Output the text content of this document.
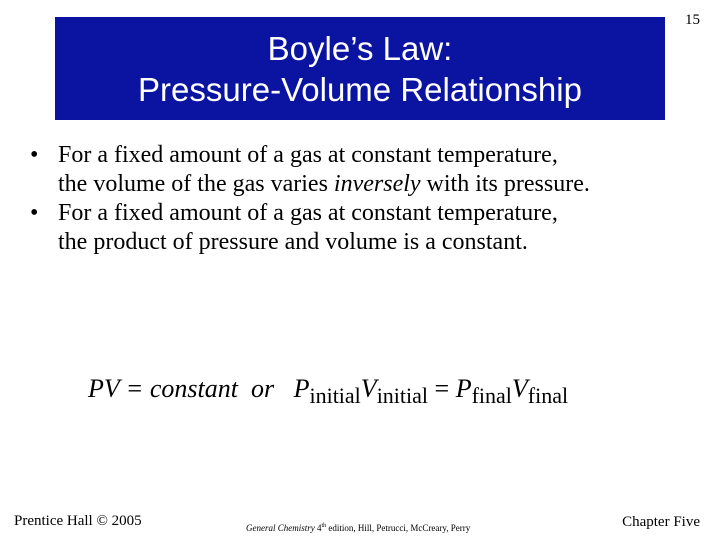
Boyle’s Law:
Pressure-Volume Relationship
15
• For a fixed amount of a gas at constant temperature,
the volume of the gas varies inversely with its pressure.
• For a fixed amount of a gas at constant temperature,
the product of pressure and volume is a constant.
PV = constant or $P_{initial}V_{initial} = P_{final}V_{final}$
Prentice Hall © 2005	General Chemistry 4th edition, Hill, Petrucci, McCreary, Perry	Chapter Five
